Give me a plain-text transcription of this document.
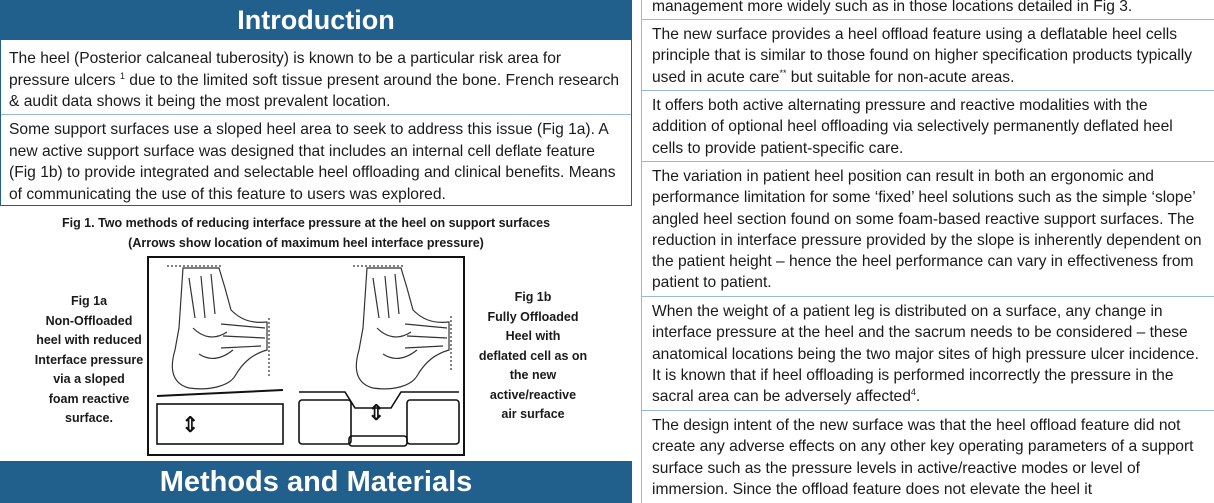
Introduction

The heel (Posterior calcaneal tuberosity) is known to be a particular risk area for pressure ulcers $^1$ due to the limited soft tissue present around the bone. French research & audit data shows it being the most prevalent location.

Some support surfaces use a sloped heel area to seek to address this issue (Fig 1a). A new active support surface was designed that includes an internal cell deflate feature (Fig 1b) to provide integrated and selectable heel offloading and clinical benefits. Means of communicating the use of this feature to users was explored.

Fig 1. Two methods of reducing interface pressure at the heel on support surfaces
(Arrows show location of maximum heel interface pressure)
Fig 1a
Non-Offloaded
heel with reduced
Interface pressure
via a sloped
foam reactive
surface.	⇕	⇕
Fig 1b
Fully Offloaded
Heel with
deflated cell as on
the new
active/reactive
air surface
Methods and Materials

management more widely such as in those locations detailed in Fig 3.

The new surface provides a heel offload feature using a deflatable heel cells principle that is similar to those found on higher specification products typically used in acute care** but suitable for non-acute areas.

It offers both active alternating pressure and reactive modalities with the addition of optional heel offloading via selectively permanently deflated heel cells to provide patient-specific care.

The variation in patient heel position can result in both an ergonomic and performance limitation for some ‘fixed’ heel solutions such as the simple ‘slope’ angled heel section found on some foam-based reactive support surfaces. The reduction in interface pressure provided by the slope is inherently dependent on the patient height – hence the heel performance can vary in effectiveness from patient to patient.

When the weight of a patient leg is distributed on a surface, any change in interface pressure at the heel and the sacrum needs to be considered – these anatomical locations being the two major sites of high pressure ulcer incidence. It is known that if heel offloading is performed incorrectly the pressure in the sacral area can be adversely affected$^4$.

The design intent of the new surface was that the heel offload feature did not create any adverse effects on any other key operating parameters of a support surface such as the pressure levels in active/reactive modes or level of immersion. Since the offload feature does not elevate the heel it
